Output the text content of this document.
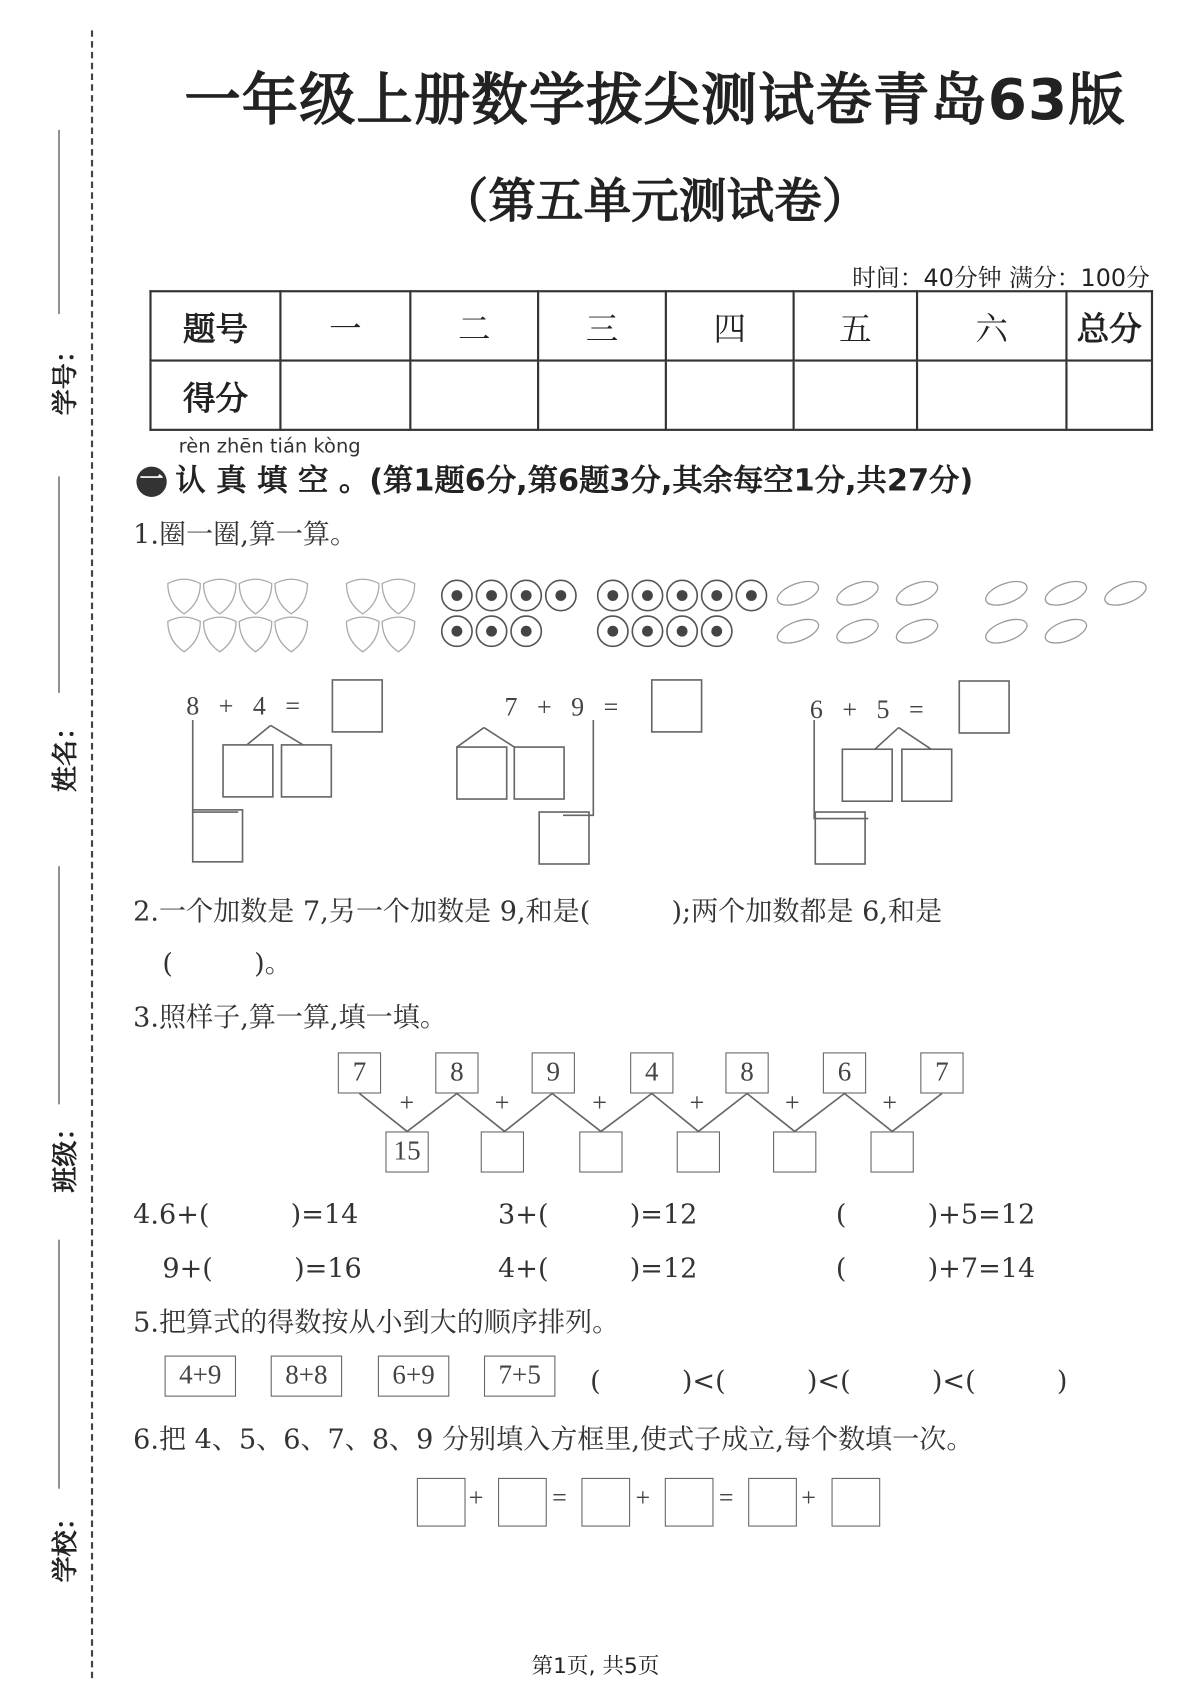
学号：
姓名：
班级：
学校：
一年级上册数学拔尖测试卷青岛63版
（第五单元测试卷）
时间：40分钟 满分：100分
题号	一	二	三	四	五	六	总分
得分							
rèn zhēn tián kòng
一 认 真 填 空 。(第1题6分,第6题3分,其余每空1分,共27分)
1.圈一圈,算一算。
8 + 4 =	7 + 9 =	6 + 5 =
2.一个加数是 7,另一个加数是 9,和是(　　　);两个加数都是 6,和是
(　　　)。
3.照样子,算一算,填一填。
7	8	9	4	8	6	7
+	+	+	+	+	+
15
4.6+(　　　)=14	3+(　　　)=12	(　　　)+5=12
9+(　　　)=16	4+(　　　)=12	(　　　)+7=14
5.把算式的得数按从小到大的顺序排列。
4+9	8+8	6+9	7+5	(　　　)<(　　　)<(　　　)<(　　　)
6.把 4、5、6、7、8、9 分别填入方框里,使式子成立,每个数填一次。
+	=	+	=	+
第1页, 共5页
